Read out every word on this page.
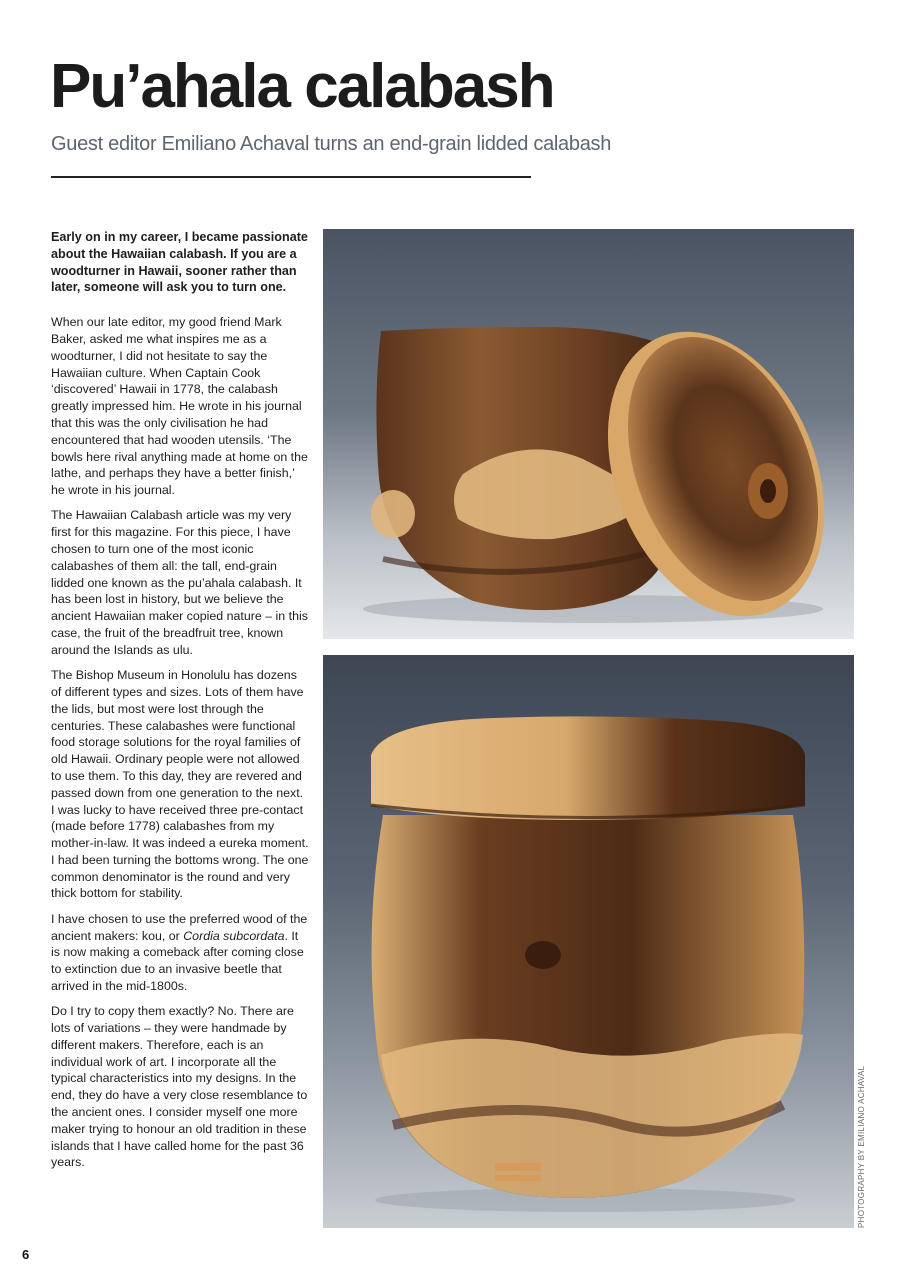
Pu’ahala calabash

Guest editor Emiliano Achaval turns an end-grain lidded calabash

Early on in my career, I became passionate about the Hawaiian calabash. If you are a woodturner in Hawaii, sooner rather than later, someone will ask you to turn one.

When our late editor, my good friend Mark Baker, asked me what inspires me as a woodturner, I did not hesitate to say the Hawaiian culture. When Captain Cook ‘discovered’ Hawaii in 1778, the calabash greatly impressed him. He wrote in his journal that this was the only civilisation he had encountered that had wooden utensils. ‘The bowls here rival anything made at home on the lathe, and perhaps they have a better finish,’ he wrote in his journal.

The Hawaiian Calabash article was my very first for this magazine. For this piece, I have chosen to turn one of the most iconic calabashes of them all: the tall, end-grain lidded one known as the pu’ahala calabash. It has been lost in history, but we believe the ancient Hawaiian maker copied nature – in this case, the fruit of the breadfruit tree, known around the Islands as ulu.

The Bishop Museum in Honolulu has dozens of different types and sizes. Lots of them have the lids, but most were lost through the centuries. These calabashes were functional food storage solutions for the royal families of old Hawaii. Ordinary people were not allowed to use them. To this day, they are revered and passed down from one generation to the next. I was lucky to have received three pre-contact (made before 1778) calabashes from my mother-in-law. It was indeed a eureka moment. I had been turning the bottoms wrong. The one common denominator is the round and very thick bottom for stability.

I have chosen to use the preferred wood of the ancient makers: kou, or Cordia subcordata. It is now making a comeback after coming close to extinction due to an invasive beetle that arrived in the mid-1800s.

Do I try to copy them exactly? No. There are lots of variations – they were handmade by different makers. Therefore, each is an individual work of art. I incorporate all the typical characteristics into my designs. In the end, they do have a very close resemblance to the ancient ones. I consider myself one more maker trying to honour an old tradition in these islands that I have called home for the past 36 years.	PHOTOGRAPHY BY EMILIANO ACHAVAL
6
